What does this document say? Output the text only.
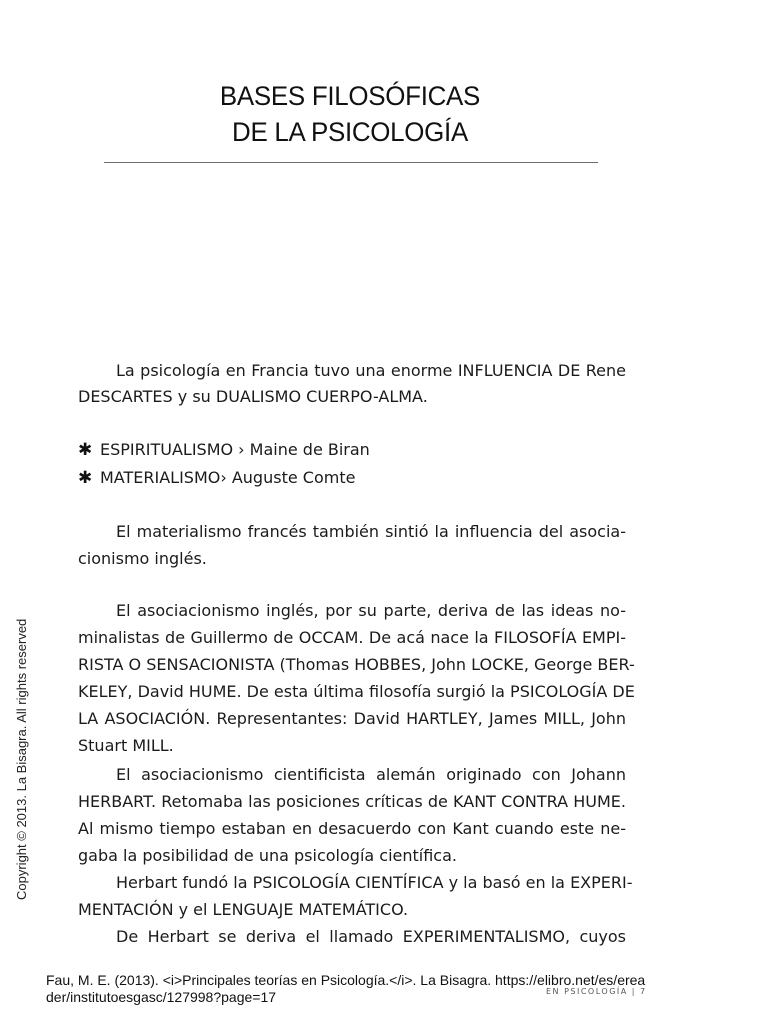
BASES FILOSÓFICAS
DE LA PSICOLOGÍA
La psicología en Francia tuvo una enorme INFLUENCIA DE Rene
DESCARTES y su DUALISMO CUERPO-ALMA.
✱ ESPIRITUALISMO › Maine de Biran
✱ MATERIALISMO› Auguste Comte
El materialismo francés también sintió la influencia del asocia-
cionismo inglés.
El asociacionismo inglés, por su parte, deriva de las ideas no-
minalistas de Guillermo de OCCAM. De acá nace la FILOSOFÍA EMPI-
RISTA O SENSACIONISTA (Thomas HOBBES, John LOCKE, George BER-
KELEY, David HUME. De esta última filosofía surgió la PSICOLOGÍA DE
LA ASOCIACIÓN. Representantes: David HARTLEY, James MILL, John
Stuart MILL.
El asociacionismo cientificista alemán originado con Johann
HERBART. Retomaba las posiciones críticas de KANT CONTRA HUME.
Al mismo tiempo estaban en desacuerdo con Kant cuando este ne-
gaba la posibilidad de una psicología científica.
Herbart fundó la PSICOLOGÍA CIENTÍFICA y la basó en la EXPERI-
MENTACIÓN y el LENGUAJE MATEMÁTICO.
De Herbart se deriva el llamado EXPERIMENTALISMO, cuyos
Copyright © 2013. La Bisagra. All rights reserved
EN PSICOLOGÍA | 7
Fau, M. E. (2013). <i>Principales teorías en Psicología.</i>. La Bisagra. https://elibro.net/es/erea
der/institutoesgasc/127998?page=17
